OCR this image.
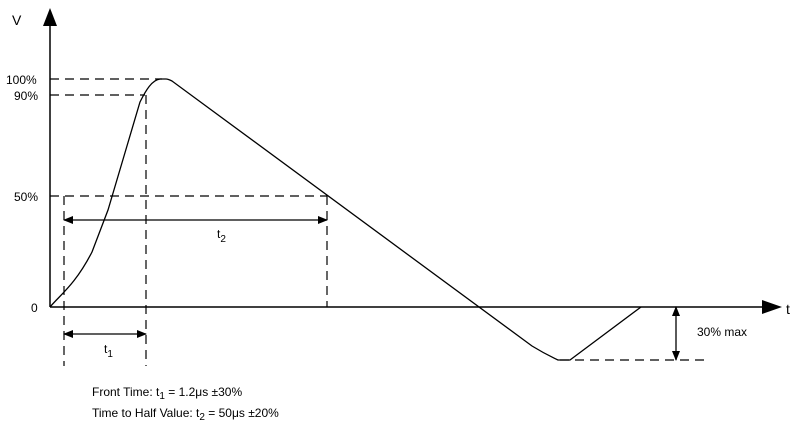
V
t
0
100%
90%
50%
$t_2$
$t_1$
30% max
Front Time: $t_1 = 1.2\mu s \pm 30\%$
Time to Half Value: $t_2 = 50\mu s \pm 20\%$
